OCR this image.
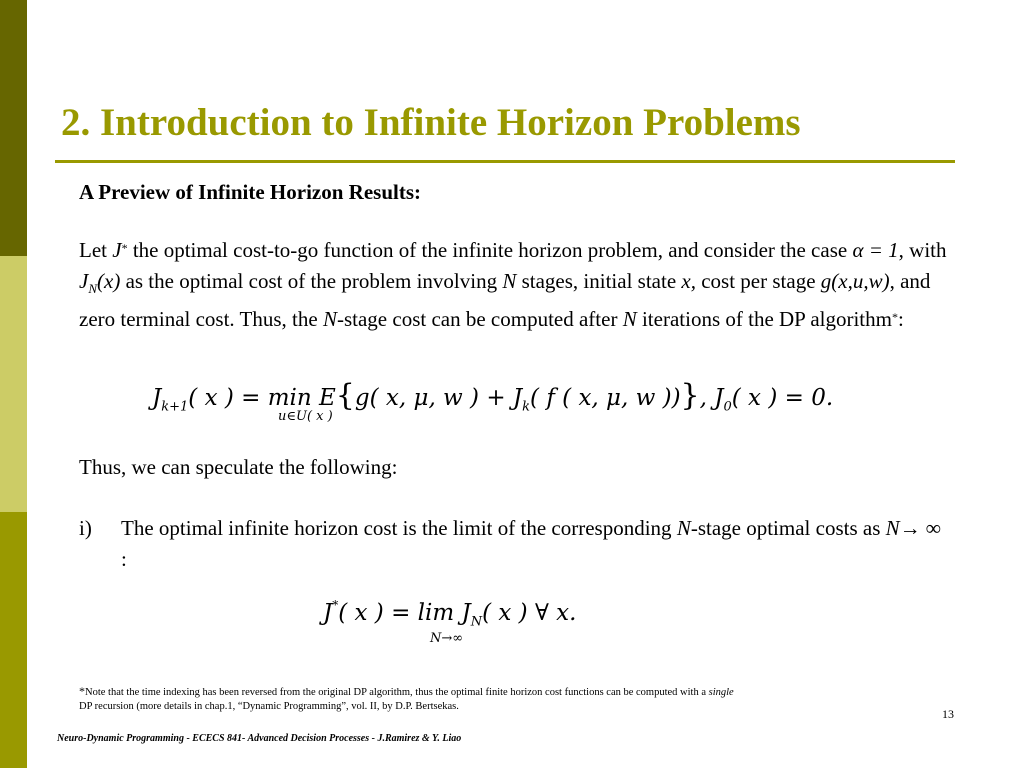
2. Introduction to Infinite Horizon Problems
A Preview of Infinite Horizon Results:
Let J* the optimal cost-to-go function of the infinite horizon problem, and consider the case α = 1, with $J_N(x)$ as the optimal cost of the problem involving N stages, initial state x, cost per stage g(x,u,w), and zero terminal cost. Thus, the N-stage cost can be computed after N iterations of the DP algorithm*:
$J_{k+1}$( x ) = min E{g( x, μ, w ) + $J_k$( f ( x, μ, w ))}, $J_0$( x ) = 0.
u∈U( x )
Thus, we can speculate the following:
i) The optimal infinite horizon cost is the limit of the corresponding N-stage optimal costs as N→ ∞ :
J*( x ) = $\lim J_N$( x ) ∀ x.
N→∞
*Note that the time indexing has been reversed from the original DP algorithm, thus the optimal finite horizon cost functions can be computed with a single
DP recursion (more details in chap.1, “Dynamic Programming”, vol. II, by D.P. Bertsekas.
13
Neuro-Dynamic Programming - ECECS 841- Advanced Decision Processes - J.Ramirez & Y. Liao
